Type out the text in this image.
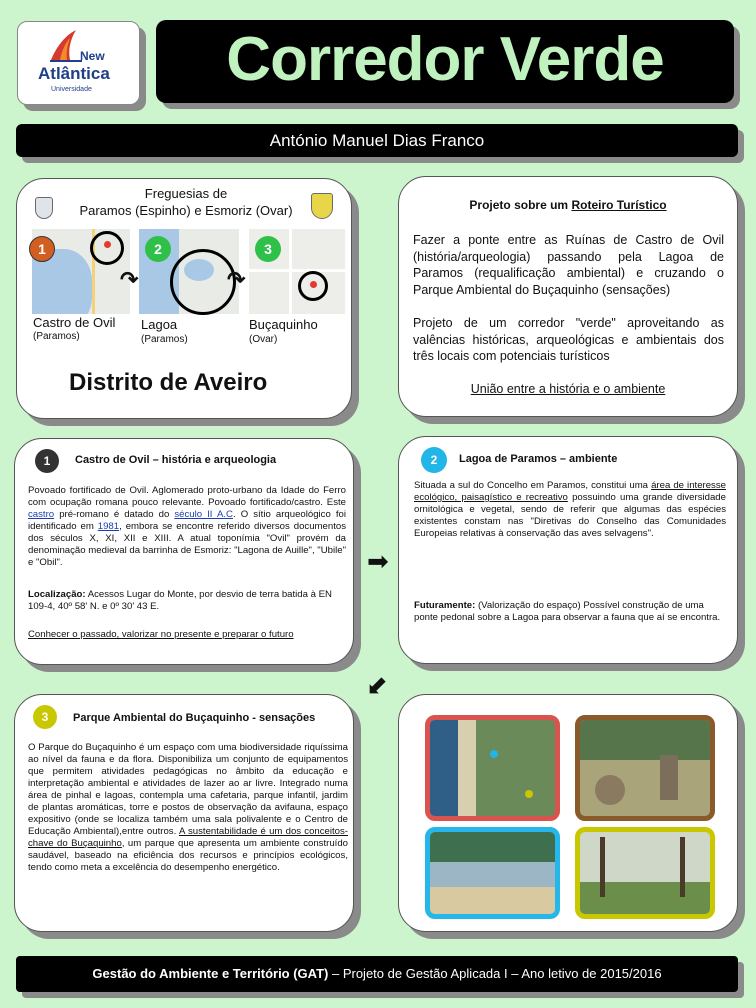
New
Atlântica
Universidade	Corredor Verde
António Manuel Dias Franco
Freguesias de
Paramos (Espinho) e Esmoriz (Ovar)
1	2	3
↷	↷
Castro de Ovil
(Paramos)
Lagoa
(Paramos)
Buçaquinho
(Ovar)
Distrito de Aveiro
Projeto sobre um Roteiro Turístico
Fazer a ponte entre as Ruínas de Castro de Ovil (história/arqueologia) passando pela Lagoa de Paramos (requalificação ambiental) e cruzando o Parque Ambiental do Buçaquinho (sensações)
Projeto de um corredor "verde" aproveitando as valências históricas, arqueológicas e ambientais dos três locais com potenciais turísticos
União entre a história e o ambiente
1	Castro de Ovil – história e arqueologia
Povoado fortificado de Ovil. Aglomerado proto-urbano da Idade do Ferro com ocupação romana pouco relevante. Povoado fortificado/castro. Este castro pré-romano é datado do século II A.C. O sítio arqueológico foi identificado em 1981, embora se encontre referido diversos documentos dos séculos X, XI, XII e XIII. A atual toponímia "Ovil" provém da denominação medieval da barrinha de Esmoriz: "Lagona de Auille", "Ubile" e "Obil".
Localização: Acessos Lugar do Monte, por desvio de terra batida à EN 109-4, 40º 58' N. e 0º 30' 43 E.
Conhecer o passado, valorizar no presente e preparar o futuro
➡
2	Lagoa de Paramos – ambiente
Situada a sul do Concelho em Paramos, constitui uma área de interesse ecológico, paisagístico e recreativo possuindo uma grande diversidade ornitológica e vegetal, sendo de referir que algumas das espécies existentes constam nas "Diretivas do Conselho das Comunidades Europeias relativas à conservação das aves selvagens".
Futuramente: (Valorização do espaço) Possível construção de uma ponte pedonal sobre a Lagoa para observar a fauna que aí se encontra.
⬋
3	Parque Ambiental do Buçaquinho - sensações
O Parque do Buçaquinho é um espaço com uma biodiversidade riquíssima ao nível da fauna e da flora. Disponibiliza um conjunto de equipamentos que permitem atividades pedagógicas no âmbito da educação e interpretação ambiental e atividades de lazer ao ar livre. Integrado numa área de pinhal e lagoas, contempla uma cafetaria, parque infantil, jardim de plantas aromáticas, torre e postos de observação da avifauna, espaço expositivo (onde se localiza também uma sala polivalente e o Centro de Educação Ambiental),entre outros. A sustentabilidade é um dos conceitos-chave do Buçaquinho, um parque que apresenta um ambiente construído saudável, baseado na eficiência dos recursos e princípios ecológicos, tendo como meta a excelência do desempenho energético.
Gestão do Ambiente e Território (GAT) – Projeto de Gestão Aplicada I – Ano letivo de 2015/2016
